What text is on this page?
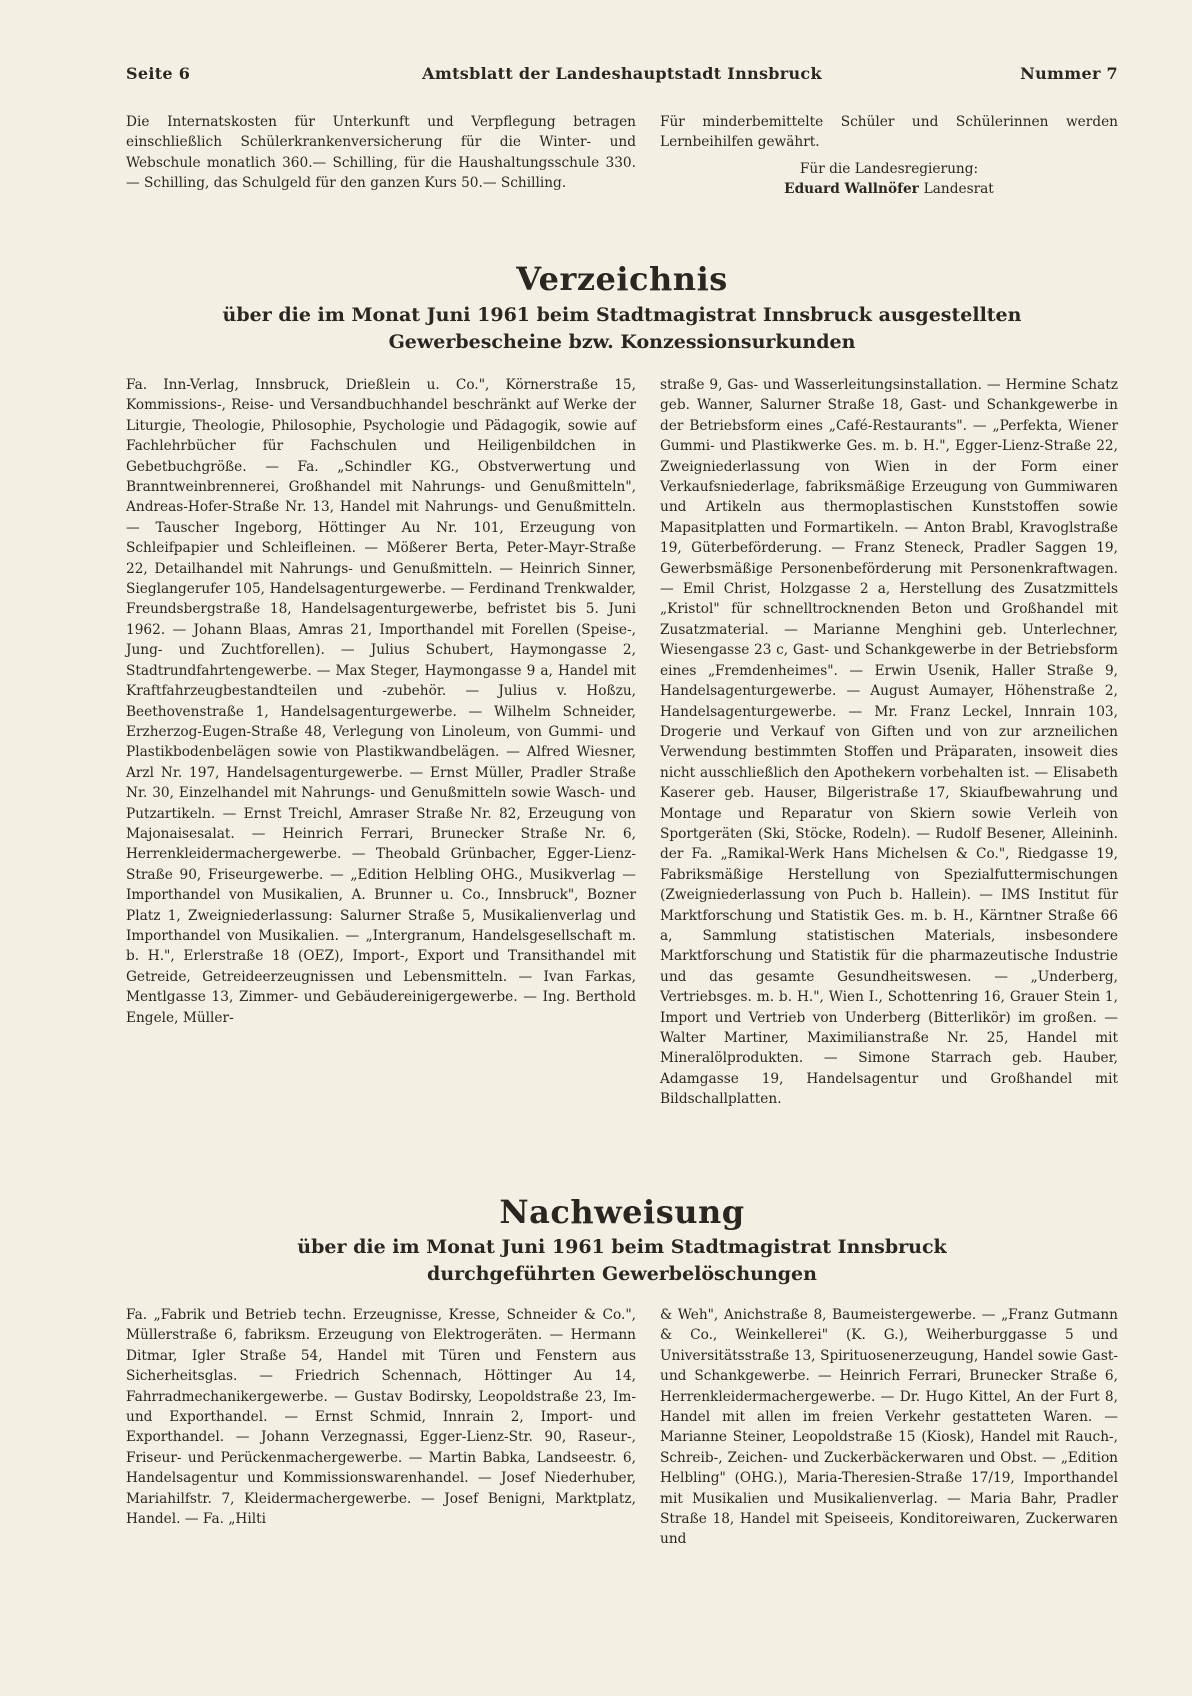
Seite 6	Amtsblatt der Landeshauptstadt Innsbruck	Nummer 7

Die Internatskosten für Unterkunft und Verpflegung betragen einschließlich Schülerkrankenversicherung für die Winter- und Webschule monatlich 360.— Schilling, für die Haushaltungsschule 330.— Schilling, das Schulgeld für den ganzen Kurs 50.— Schilling.

Für minderbemittelte Schüler und Schülerinnen werden Lernbeihilfen gewährt.

Für die Landesregierung:

Eduard Wallnöfer Landesrat

Verzeichnis
über die im Monat Juni 1961 beim Stadtmagistrat Innsbruck ausgestellten
Gewerbescheine bzw. Konzessionsurkunden

Fa. Inn-Verlag, Innsbruck, Drießlein u. Co.", Körnerstraße 15, Kommissions-, Reise- und Versandbuchhandel beschränkt auf Werke der Liturgie, Theologie, Philosophie, Psychologie und Pädagogik, sowie auf Fachlehrbücher für Fachschulen und Heiligenbildchen in Gebetbuchgröße. — Fa. „Schindler KG., Obstverwertung und Branntweinbrennerei, Großhandel mit Nahrungs- und Genußmitteln", Andreas-Hofer-Straße Nr. 13, Handel mit Nahrungs- und Genußmitteln. — Tauscher Ingeborg, Höttinger Au Nr. 101, Erzeugung von Schleifpapier und Schleifleinen. — Mößerer Berta, Peter-Mayr-Straße 22, Detailhandel mit Nahrungs- und Genußmitteln. — Heinrich Sinner, Sieglangerufer 105, Handelsagenturgewerbe. — Ferdinand Trenkwalder, Freundsbergstraße 18, Handelsagenturgewerbe, befristet bis 5. Juni 1962. — Johann Blaas, Amras 21, Importhandel mit Forellen (Speise-, Jung- und Zuchtforellen). — Julius Schubert, Haymongasse 2, Stadtrundfahrtengewerbe. — Max Steger, Haymongasse 9 a, Handel mit Kraftfahrzeugbestandteilen und -zubehör. — Julius v. Hoßzu, Beethovenstraße 1, Handelsagenturgewerbe. — Wilhelm Schneider, Erzherzog-Eugen-Straße 48, Verlegung von Linoleum, von Gummi- und Plastikbodenbelägen sowie von Plastikwandbelägen. — Alfred Wiesner, Arzl Nr. 197, Handelsagenturgewerbe. — Ernst Müller, Pradler Straße Nr. 30, Einzelhandel mit Nahrungs- und Genußmitteln sowie Wasch- und Putzartikeln. — Ernst Treichl, Amraser Straße Nr. 82, Erzeugung von Majonaisesalat. — Heinrich Ferrari, Brunecker Straße Nr. 6, Herrenkleidermachergewerbe. — Theobald Grünbacher, Egger-Lienz-Straße 90, Friseurgewerbe. — „Edition Helbling OHG., Musikverlag — Importhandel von Musikalien, A. Brunner u. Co., Innsbruck", Bozner Platz 1, Zweigniederlassung: Salurner Straße 5, Musikalienverlag und Importhandel von Musikalien. — „Intergranum, Handelsgesellschaft m. b. H.", Erlerstraße 18 (OEZ), Import-, Export und Transithandel mit Getreide, Getreideerzeugnissen und Lebensmitteln. — Ivan Farkas, Mentlgasse 13, Zimmer- und Gebäudereinigergewerbe. — Ing. Berthold Engele, Müller-

straße 9, Gas- und Wasserleitungsinstallation. — Hermine Schatz geb. Wanner, Salurner Straße 18, Gast- und Schankgewerbe in der Betriebsform eines „Café-Restaurants". — „Perfekta, Wiener Gummi- und Plastikwerke Ges. m. b. H.", Egger-Lienz-Straße 22, Zweigniederlassung von Wien in der Form einer Verkaufsniederlage, fabriksmäßige Erzeugung von Gummiwaren und Artikeln aus thermoplastischen Kunststoffen sowie Mapasitplatten und Formartikeln. — Anton Brabl, Kravoglstraße 19, Güterbeförderung. — Franz Steneck, Pradler Saggen 19, Gewerbsmäßige Personenbeförderung mit Personenkraftwagen. — Emil Christ, Holzgasse 2 a, Herstellung des Zusatzmittels „Kristol" für schnelltrocknenden Beton und Großhandel mit Zusatzmaterial. — Marianne Menghini geb. Unterlechner, Wiesengasse 23 c, Gast- und Schankgewerbe in der Betriebsform eines „Fremdenheimes". — Erwin Usenik, Haller Straße 9, Handelsagenturgewerbe. — August Aumayer, Höhenstraße 2, Handelsagenturgewerbe. — Mr. Franz Leckel, Innrain 103, Drogerie und Verkauf von Giften und von zur arzneilichen Verwendung bestimmten Stoffen und Präparaten, insoweit dies nicht ausschließlich den Apothekern vorbehalten ist. — Elisabeth Kaserer geb. Hauser, Bilgeristraße 17, Skiaufbewahrung und Montage und Reparatur von Skiern sowie Verleih von Sportgeräten (Ski, Stöcke, Rodeln). — Rudolf Besener, Alleininh. der Fa. „Ramikal-Werk Hans Michelsen & Co.", Riedgasse 19, Fabriksmäßige Herstellung von Spezialfuttermischungen (Zweigniederlassung von Puch b. Hallein). — IMS Institut für Marktforschung und Statistik Ges. m. b. H., Kärntner Straße 66 a, Sammlung statistischen Materials, insbesondere Marktforschung und Statistik für die pharmazeutische Industrie und das gesamte Gesundheitswesen. — „Underberg, Vertriebsges. m. b. H.", Wien I., Schottenring 16, Grauer Stein 1, Import und Vertrieb von Underberg (Bitterlikör) im großen. — Walter Martiner, Maximilianstraße Nr. 25, Handel mit Mineralölprodukten. — Simone Starrach geb. Hauber, Adamgasse 19, Handelsagentur und Großhandel mit Bildschallplatten.

Nachweisung
über die im Monat Juni 1961 beim Stadtmagistrat Innsbruck
durchgeführten Gewerbelöschungen

Fa. „Fabrik und Betrieb techn. Erzeugnisse, Kresse, Schneider & Co.", Müllerstraße 6, fabriksm. Erzeugung von Elektrogeräten. — Hermann Ditmar, Igler Straße 54, Handel mit Türen und Fenstern aus Sicherheitsglas. — Friedrich Schennach, Höttinger Au 14, Fahrradmechanikergewerbe. — Gustav Bodirsky, Leopoldstraße 23, Im- und Exporthandel. — Ernst Schmid, Innrain 2, Import- und Exporthandel. — Johann Verzegnassi, Egger-Lienz-Str. 90, Raseur-, Friseur- und Perückenmachergewerbe. — Martin Babka, Landseestr. 6, Handelsagentur und Kommissionswarenhandel. — Josef Niederhuber, Mariahilfstr. 7, Kleidermachergewerbe. — Josef Benigni, Marktplatz, Handel. — Fa. „Hilti

& Weh", Anichstraße 8, Baumeistergewerbe. — „Franz Gutmann & Co., Weinkellerei" (K. G.), Weiherburggasse 5 und Universitätsstraße 13, Spirituosenerzeugung, Handel sowie Gast- und Schankgewerbe. — Heinrich Ferrari, Brunecker Straße 6, Herrenkleidermachergewerbe. — Dr. Hugo Kittel, An der Furt 8, Handel mit allen im freien Verkehr gestatteten Waren. — Marianne Steiner, Leopoldstraße 15 (Kiosk), Handel mit Rauch-, Schreib-, Zeichen- und Zuckerbäckerwaren und Obst. — „Edition Helbling" (OHG.), Maria-Theresien-Straße 17/19, Importhandel mit Musikalien und Musikalienverlag. — Maria Bahr, Pradler Straße 18, Handel mit Speiseeis, Konditoreiwaren, Zuckerwaren und
